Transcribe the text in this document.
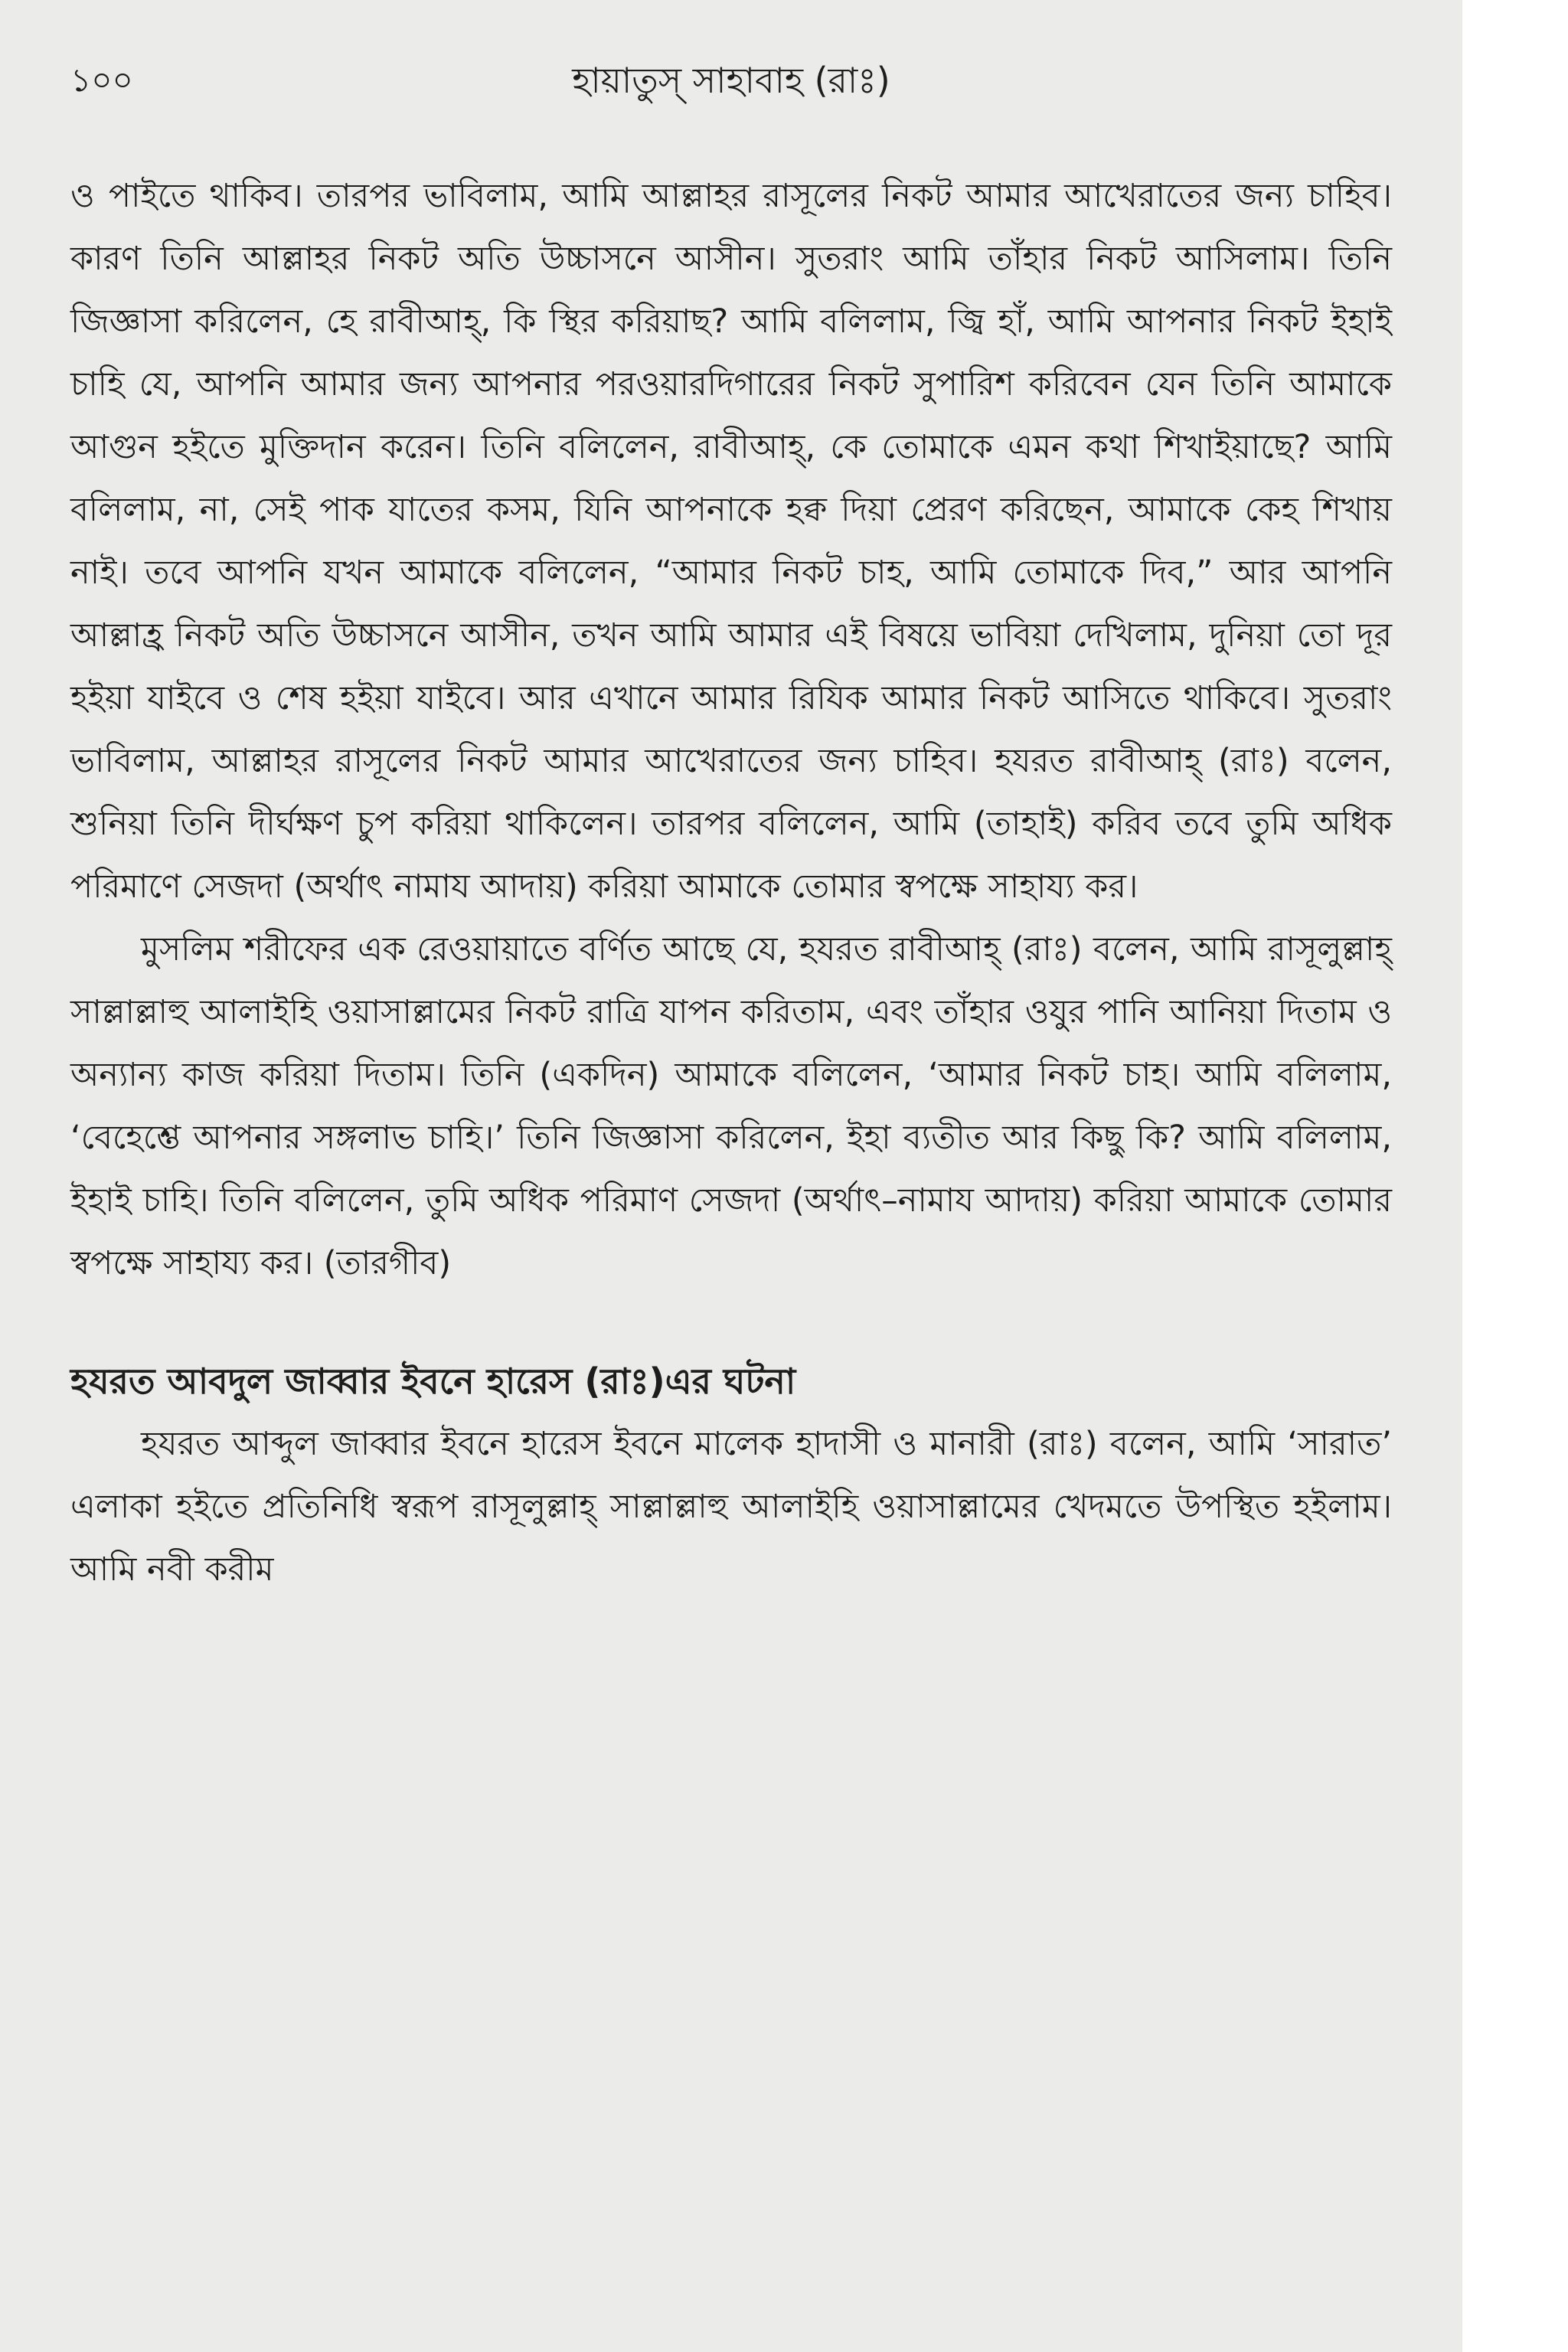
১০০	হায়াতুস্ সাহাবাহ (রাঃ)

ও পাইতে থাকিব। তারপর ভাবিলাম, আমি আল্লাহর রাসূলের নিকট আমার আখেরাতের জন্য চাহিব। কারণ তিনি আল্লাহর নিকট অতি উচ্চাসনে আসীন। সুতরাং আমি তাঁহার নিকট আসিলাম। তিনি জিজ্ঞাসা করিলেন, হে রাবীআহ্, কি স্থির করিয়াছ? আমি বলিলাম, জ্বি হাঁ, আমি আপনার নিকট ইহাই চাহি যে, আপনি আমার জন্য আপনার পরওয়ারদিগারের নিকট সুপারিশ করিবেন যেন তিনি আমাকে আগুন হইতে মুক্তিদান করেন। তিনি বলিলেন, রাবীআহ্, কে তোমাকে এমন কথা শিখাইয়াছে? আমি বলিলাম, না, সেই পাক যাতের কসম, যিনি আপনাকে হক্ব দিয়া প্রেরণ করিছেন, আমাকে কেহ শিখায় নাই। তবে আপনি যখন আমাকে বলিলেন, “আমার নিকট চাহ, আমি তোমাকে দিব,” আর আপনি আল্লাহ্র নিকট অতি উচ্চাসনে আসীন, তখন আমি আমার এই বিষয়ে ভাবিয়া দেখিলাম, দুনিয়া তো দূর হইয়া যাইবে ও শেষ হইয়া যাইবে। আর এখানে আমার রিযিক আমার নিকট আসিতে থাকিবে। সুতরাং ভাবিলাম, আল্লাহর রাসূলের নিকট আমার আখেরাতের জন্য চাহিব। হযরত রাবীআহ্ (রাঃ) বলেন, শুনিয়া তিনি দীর্ঘক্ষণ চুপ করিয়া থাকিলেন। তারপর বলিলেন, আমি (তাহাই) করিব তবে তুমি অধিক পরিমাণে সেজদা (অর্থাৎ নামায আদায়) করিয়া আমাকে তোমার স্বপক্ষে সাহায্য কর।

মুসলিম শরীফের এক রেওয়ায়াতে বর্ণিত আছে যে, হযরত রাবীআহ্ (রাঃ) বলেন, আমি রাসূলুল্লাহ্ সাল্লাল্লাহু আলাইহি ওয়াসাল্লামের নিকট রাত্রি যাপন করিতাম, এবং তাঁহার ওযুর পানি আনিয়া দিতাম ও অন্যান্য কাজ করিয়া দিতাম। তিনি (একদিন) আমাকে বলিলেন, ‘আমার নিকট চাহ। আমি বলিলাম, ‘বেহেশ্তে আপনার সঙ্গলাভ চাহি।’ তিনি জিজ্ঞাসা করিলেন, ইহা ব্যতীত আর কিছু কি? আমি বলিলাম, ইহাই চাহি। তিনি বলিলেন, তুমি অধিক পরিমাণ সেজদা (অর্থাৎ–নামায আদায়) করিয়া আমাকে তোমার স্বপক্ষে সাহায্য কর। (তারগীব)

হযরত আবদুল জাব্বার ইবনে হারেস (রাঃ)এর ঘটনা

হযরত আব্দুল জাব্বার ইবনে হারেস ইবনে মালেক হাদাসী ও মানারী (রাঃ) বলেন, আমি ‘সারাত’ এলাকা হইতে প্রতিনিধি স্বরূপ রাসূলুল্লাহ্ সাল্লাল্লাহু আলাইহি ওয়াসাল্লামের খেদমতে উপস্থিত হইলাম। আমি নবী করীম
